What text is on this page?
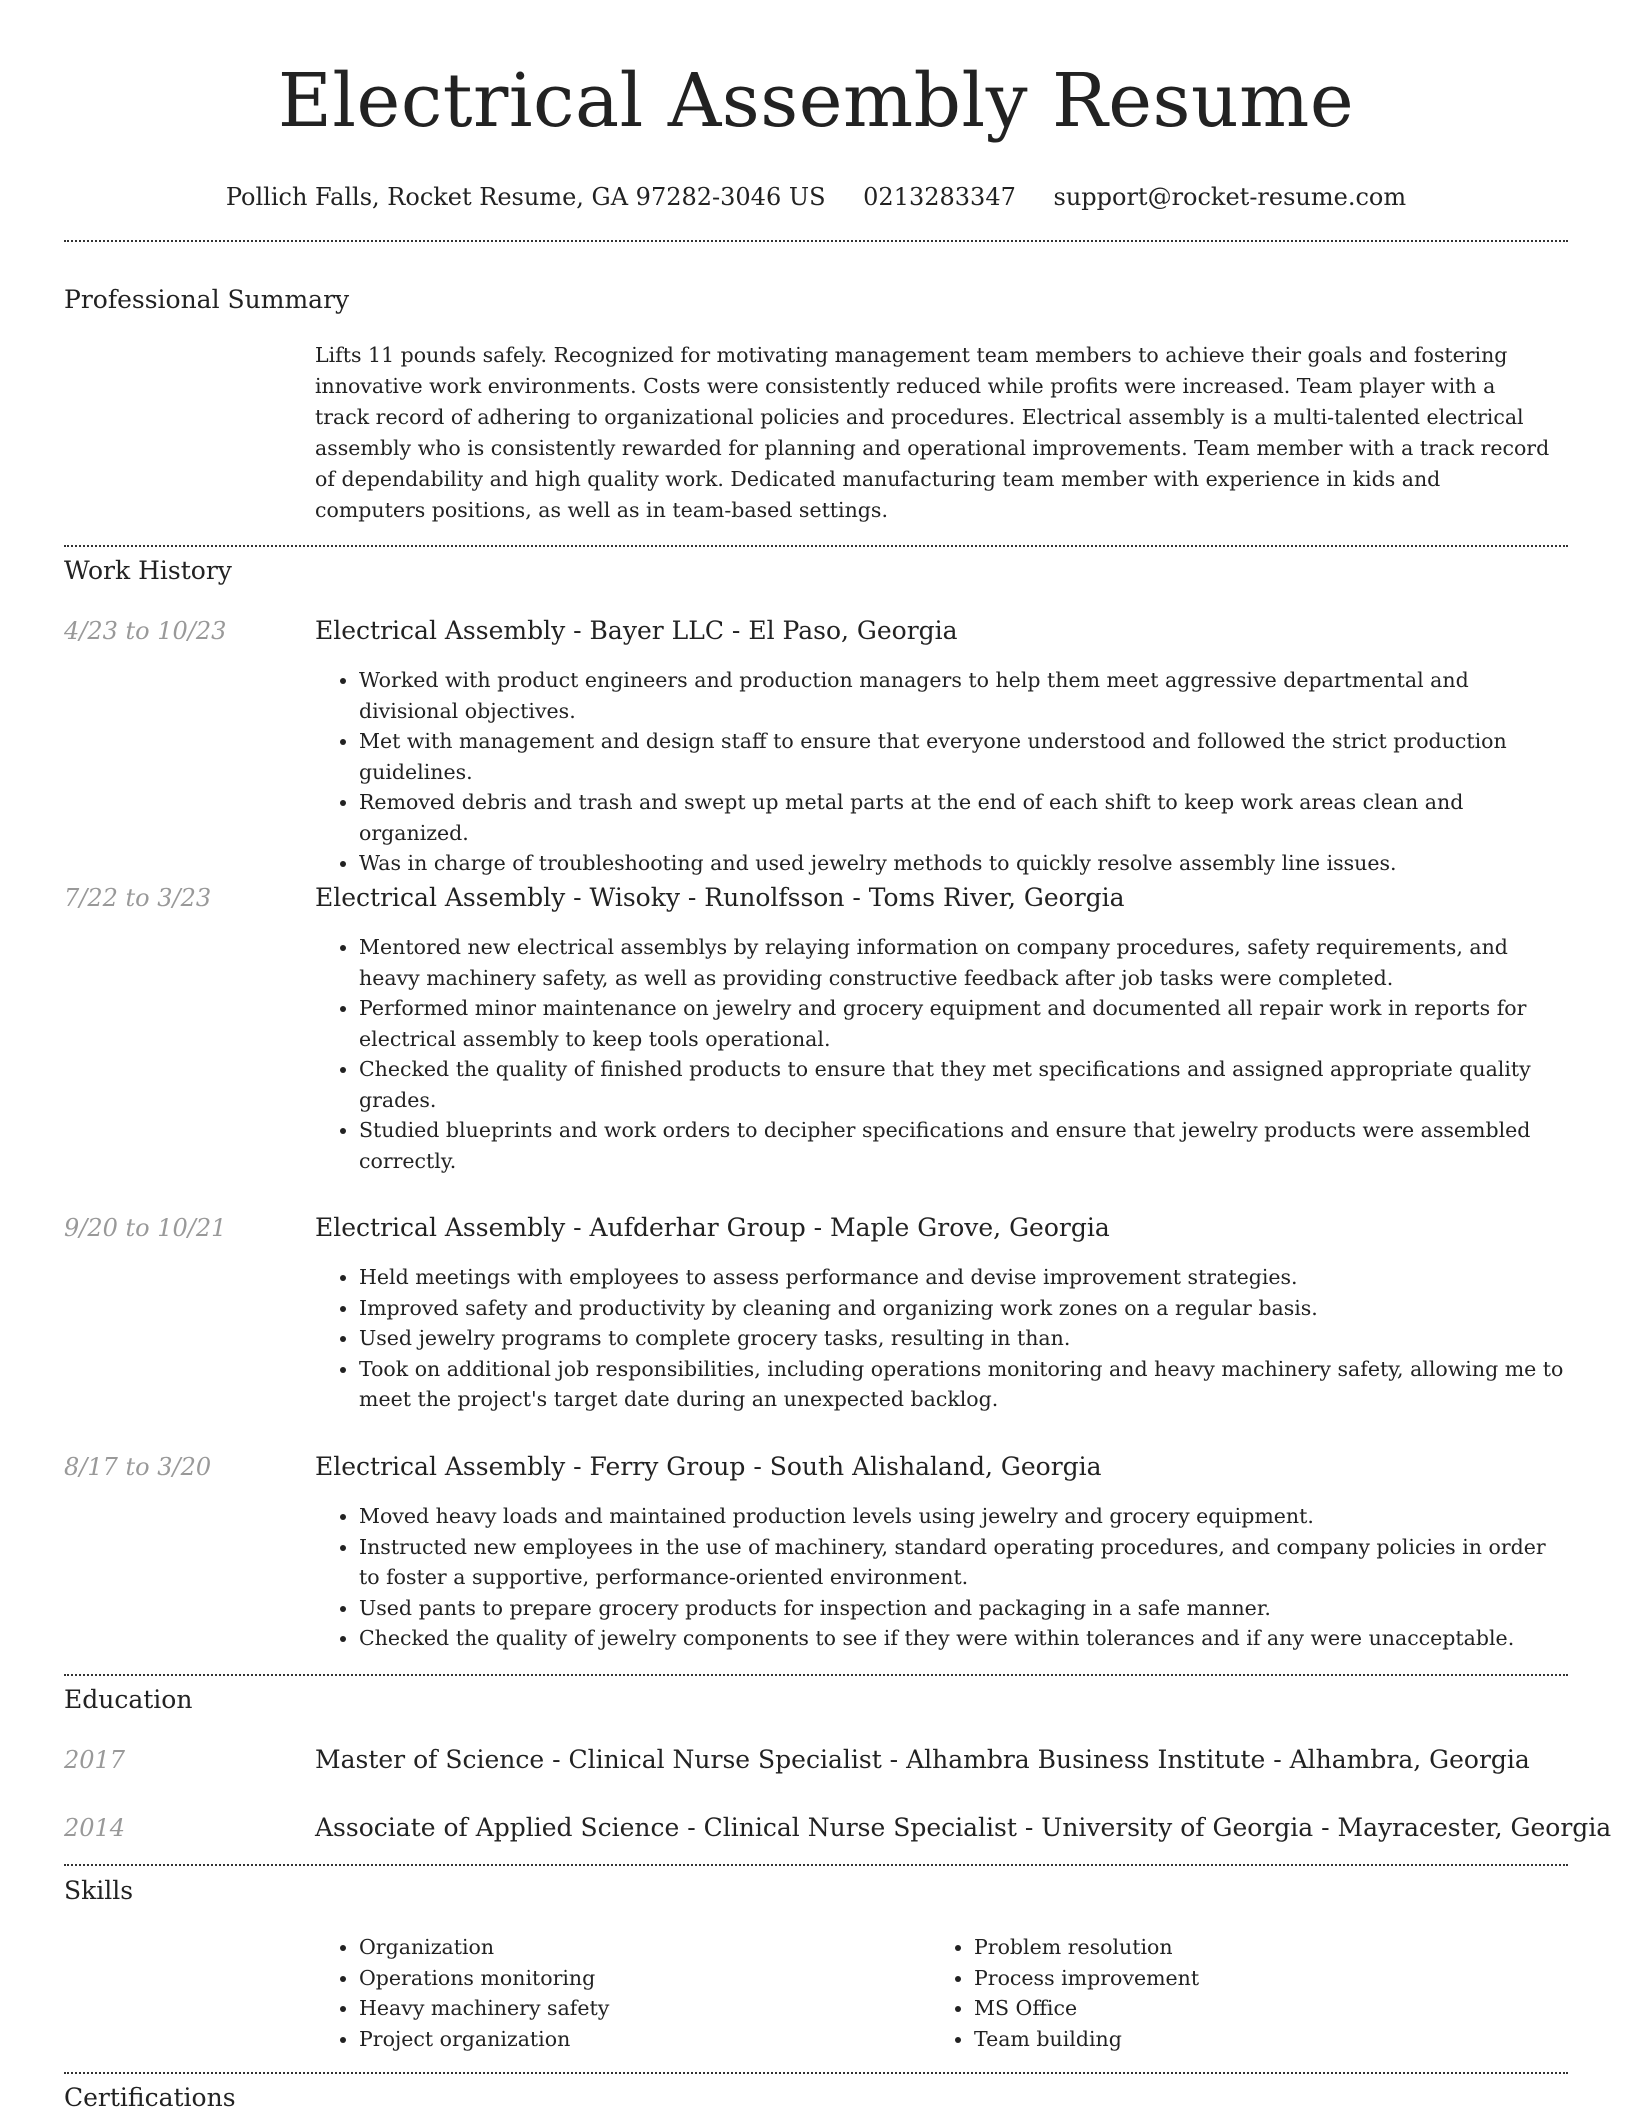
Electrical Assembly Resume
Pollich Falls, Rocket Resume, GA 97282-3046 US 0213283347 support@rocket-resume.com
Professional Summary
Lifts 11 pounds safely. Recognized for motivating management team members to achieve their goals and fostering innovative work environments. Costs were consistently reduced while profits were increased. Team player with a track record of adhering to organizational policies and procedures. Electrical assembly is a multi-talented electrical assembly who is consistently rewarded for planning and operational improvements. Team member with a track record of dependability and high quality work. Dedicated manufacturing team member with experience in kids and computers positions, as well as in team-based settings.
Work History
4/23 to 10/23	Electrical Assembly - Bayer LLC - El Paso, Georgia
• Worked with product engineers and production managers to help them meet aggressive departmental and divisional objectives.
• Met with management and design staff to ensure that everyone understood and followed the strict production guidelines.
• Removed debris and trash and swept up metal parts at the end of each shift to keep work areas clean and organized.
• Was in charge of troubleshooting and used jewelry methods to quickly resolve assembly line issues.
7/22 to 3/23	Electrical Assembly - Wisoky - Runolfsson - Toms River, Georgia
• Mentored new electrical assemblys by relaying information on company procedures, safety requirements, and heavy machinery safety, as well as providing constructive feedback after job tasks were completed.
• Performed minor maintenance on jewelry and grocery equipment and documented all repair work in reports for electrical assembly to keep tools operational.
• Checked the quality of finished products to ensure that they met specifications and assigned appropriate quality grades.
• Studied blueprints and work orders to decipher specifications and ensure that jewelry products were assembled correctly.
9/20 to 10/21	Electrical Assembly - Aufderhar Group - Maple Grove, Georgia
• Held meetings with employees to assess performance and devise improvement strategies.
• Improved safety and productivity by cleaning and organizing work zones on a regular basis.
• Used jewelry programs to complete grocery tasks, resulting in than.
• Took on additional job responsibilities, including operations monitoring and heavy machinery safety, allowing me to meet the project's target date during an unexpected backlog.
8/17 to 3/20	Electrical Assembly - Ferry Group - South Alishaland, Georgia
• Moved heavy loads and maintained production levels using jewelry and grocery equipment.
• Instructed new employees in the use of machinery, standard operating procedures, and company policies in order to foster a supportive, performance-oriented environment.
• Used pants to prepare grocery products for inspection and packaging in a safe manner.
• Checked the quality of jewelry components to see if they were within tolerances and if any were unacceptable.
Education
2017	Master of Science - Clinical Nurse Specialist - Alhambra Business Institute - Alhambra, Georgia
2014	Associate of Applied Science - Clinical Nurse Specialist - University of Georgia - Mayracester, Georgia
Skills
• Organization
• Operations monitoring
• Heavy machinery safety
• Project organization
• Problem resolution
• Process improvement
• MS Office
• Team building
Certifications
